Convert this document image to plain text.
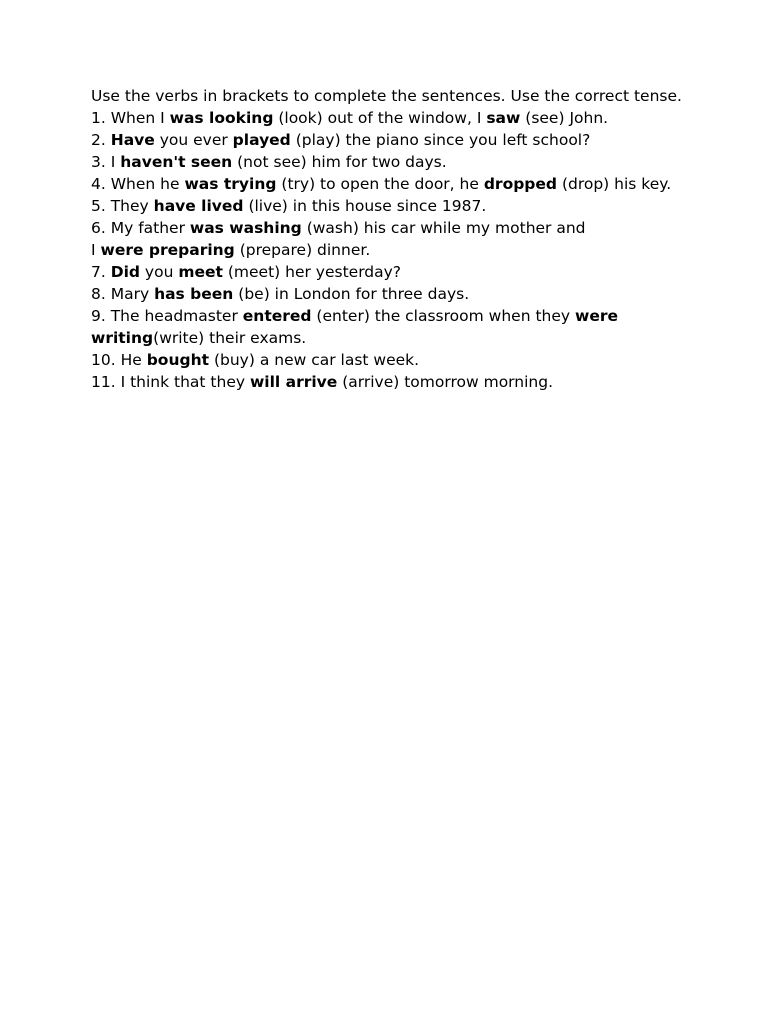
Use the verbs in brackets to complete the sentences. Use the correct tense.

1. When I was looking (look) out of the window, I saw (see) John.

2. Have you ever played (play) the piano since you left school?

3. I haven't seen (not see) him for two days.

4. When he was trying (try) to open the door, he dropped (drop) his key.

5. They have lived (live) in this house since 1987.

6. My father was washing (wash) his car while my mother and

I were preparing (prepare) dinner.

7. Did you meet (meet) her yesterday?

8. Mary has been (be) in London for three days.

9. The headmaster entered (enter) the classroom when they were writing(write) their exams.

10. He bought (buy) a new car last week.

11. I think that they will arrive (arrive) tomorrow morning.
